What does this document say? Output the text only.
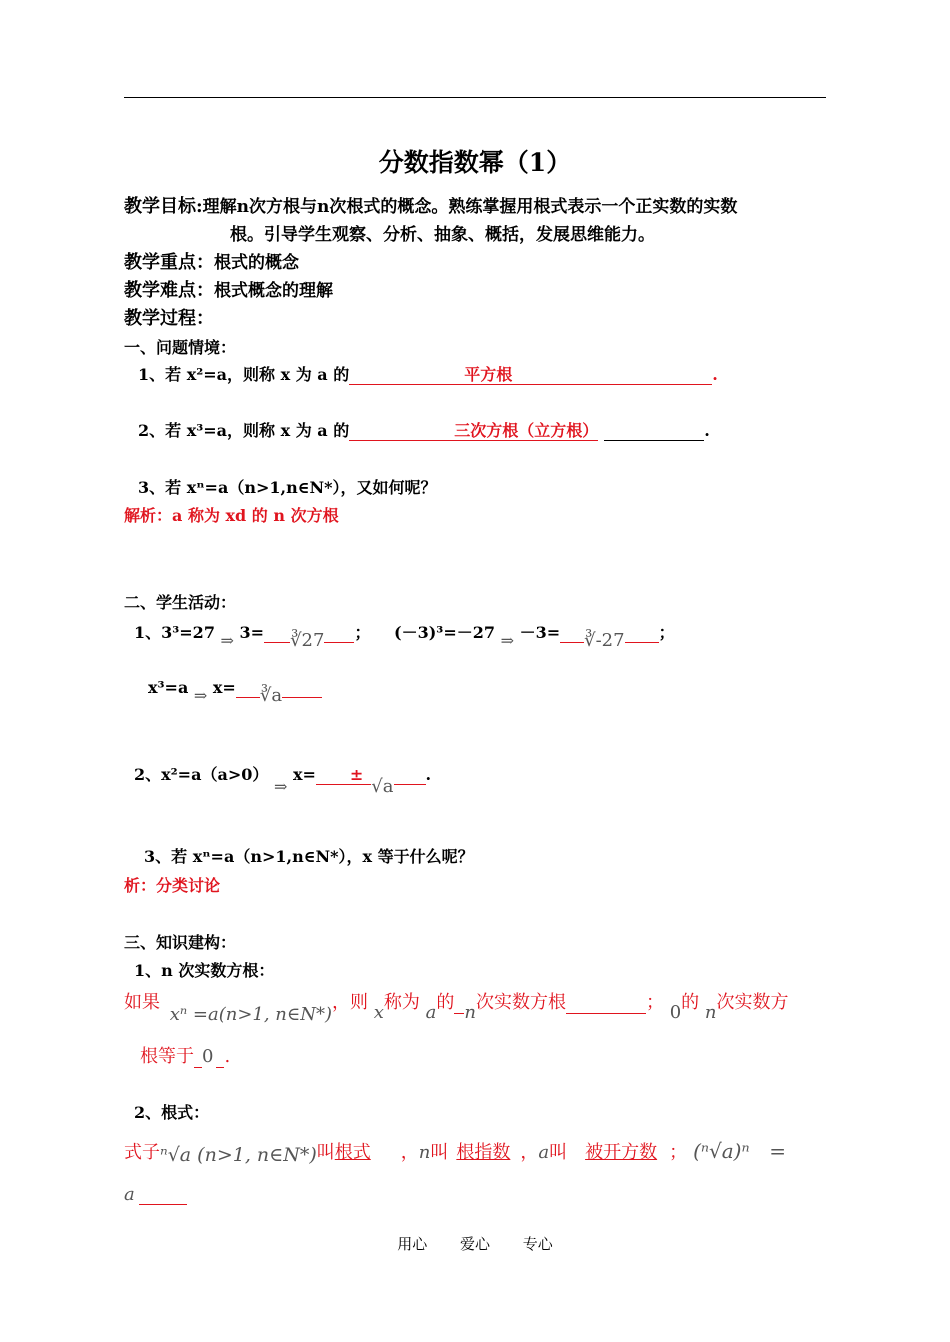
分数指数幂（1）
教学目标:理解n次方根与n次根式的概念。熟练掌握用根式表示一个正实数的实数
根。引导学生观察、分析、抽象、概括，发展思维能力。
教学重点：根式的概念
教学难点：根式概念的理解
教学过程：
一、问题情境：
1、若 x²=a，则称 x 为 a 的	平方根	.
2、若 x³=a，则称 x 为 a 的	三次方根（立方根）	.
3、若 xⁿ=a（n>1,n∈N*），又如何呢？
解析：a 称为 xd 的 n 次方根
二、学生活动：
1、3³=27 ⇒ 3= ∛27 ； (－3)³=－27 ⇒ －3= ∛-27 ；
x³=a ⇒ x= ∛a
2、x²=a（a>0） ⇒ x= ±√a.
3、若 xⁿ=a（n>1,n∈N*），x 等于什么呢？
析：分类讨论
三、知识建构：
1、n 次实数方根：
如果 xⁿ =a(n>1, n∈N*)，则 x称为 a的 n次实数方根	； 0的 n次实数方
根等于 0 .
2、根式：
式子ⁿ√a (n>1, n∈N*)叫根式 ，n叫 根指数 ，a叫 被开方数 ； (ⁿ√a)ⁿ =
a
用心 爱心 专心
